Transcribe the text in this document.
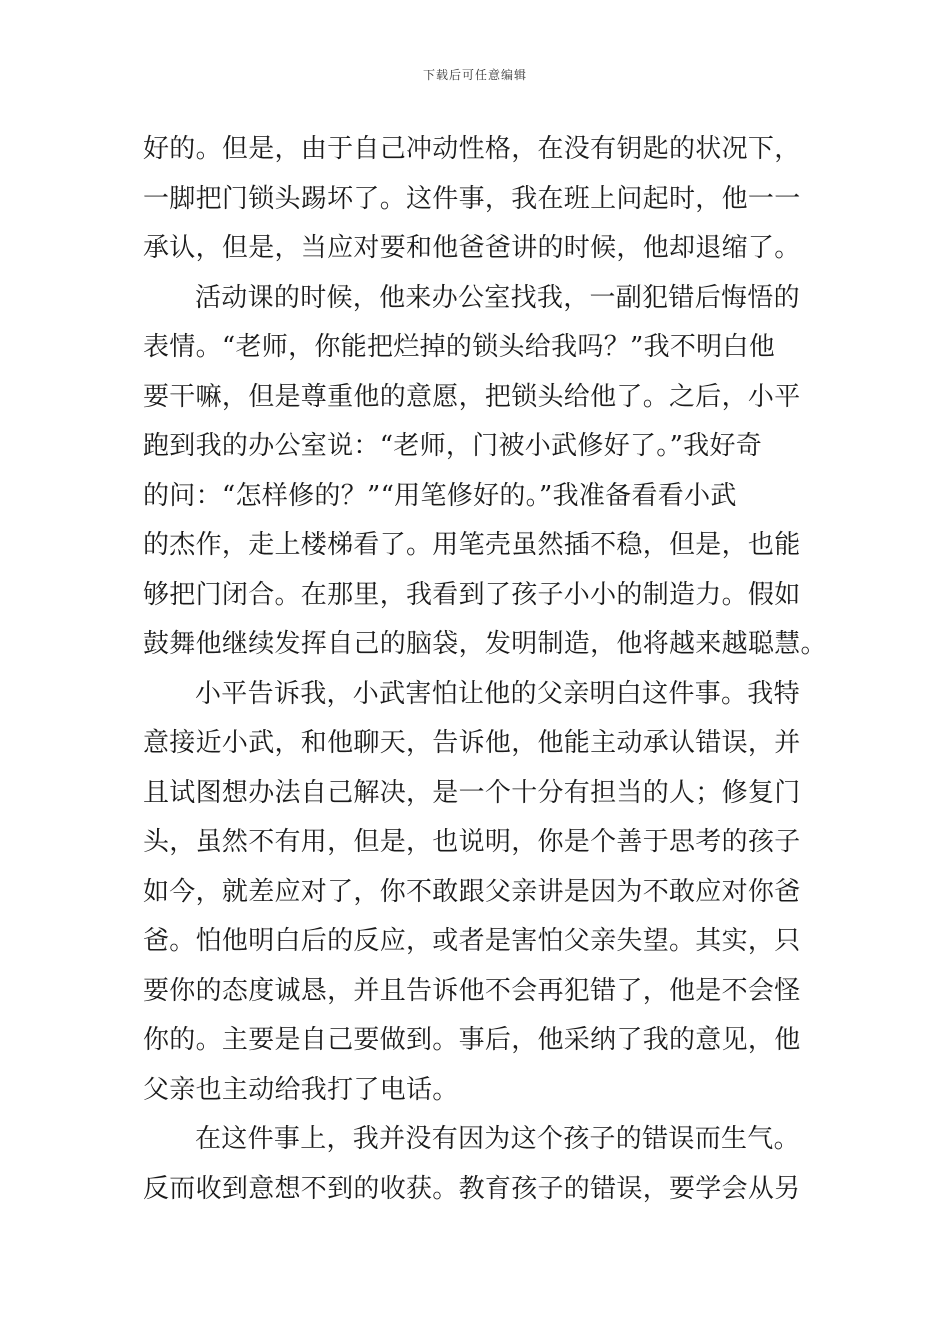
下载后可任意编辑
好的。但是，由于自己冲动性格，在没有钥匙的状况下，
一脚把门锁头踢坏了。这件事，我在班上问起时，他一一
承认，但是，当应对要和他爸爸讲的时候，他却退缩了。
活动课的时候，他来办公室找我，一副犯错后悔悟的
表情。“老师，你能把烂掉的锁头给我吗？”我不明白他
要干嘛，但是尊重他的意愿，把锁头给他了。之后，小平
跑到我的办公室说：“老师，门被小武修好了。”我好奇
的问：“怎样修的？”“用笔修好的。”我准备看看小武
的杰作，走上楼梯看了。用笔壳虽然插不稳，但是，也能
够把门闭合。在那里，我看到了孩子小小的制造力。假如
鼓舞他继续发挥自己的脑袋，发明制造，他将越来越聪慧。
小平告诉我，小武害怕让他的父亲明白这件事。我特
意接近小武，和他聊天，告诉他，他能主动承认错误，并
且试图想办法自己解决，是一个十分有担当的人；修复门
头，虽然不有用，但是，也说明，你是个善于思考的孩子
如今，就差应对了，你不敢跟父亲讲是因为不敢应对你爸
爸。怕他明白后的反应，或者是害怕父亲失望。其实，只
要你的态度诚恳，并且告诉他不会再犯错了，他是不会怪
你的。主要是自己要做到。事后，他采纳了我的意见，他
父亲也主动给我打了电话。
在这件事上，我并没有因为这个孩子的错误而生气。
反而收到意想不到的收获。教育孩子的错误，要学会从另
